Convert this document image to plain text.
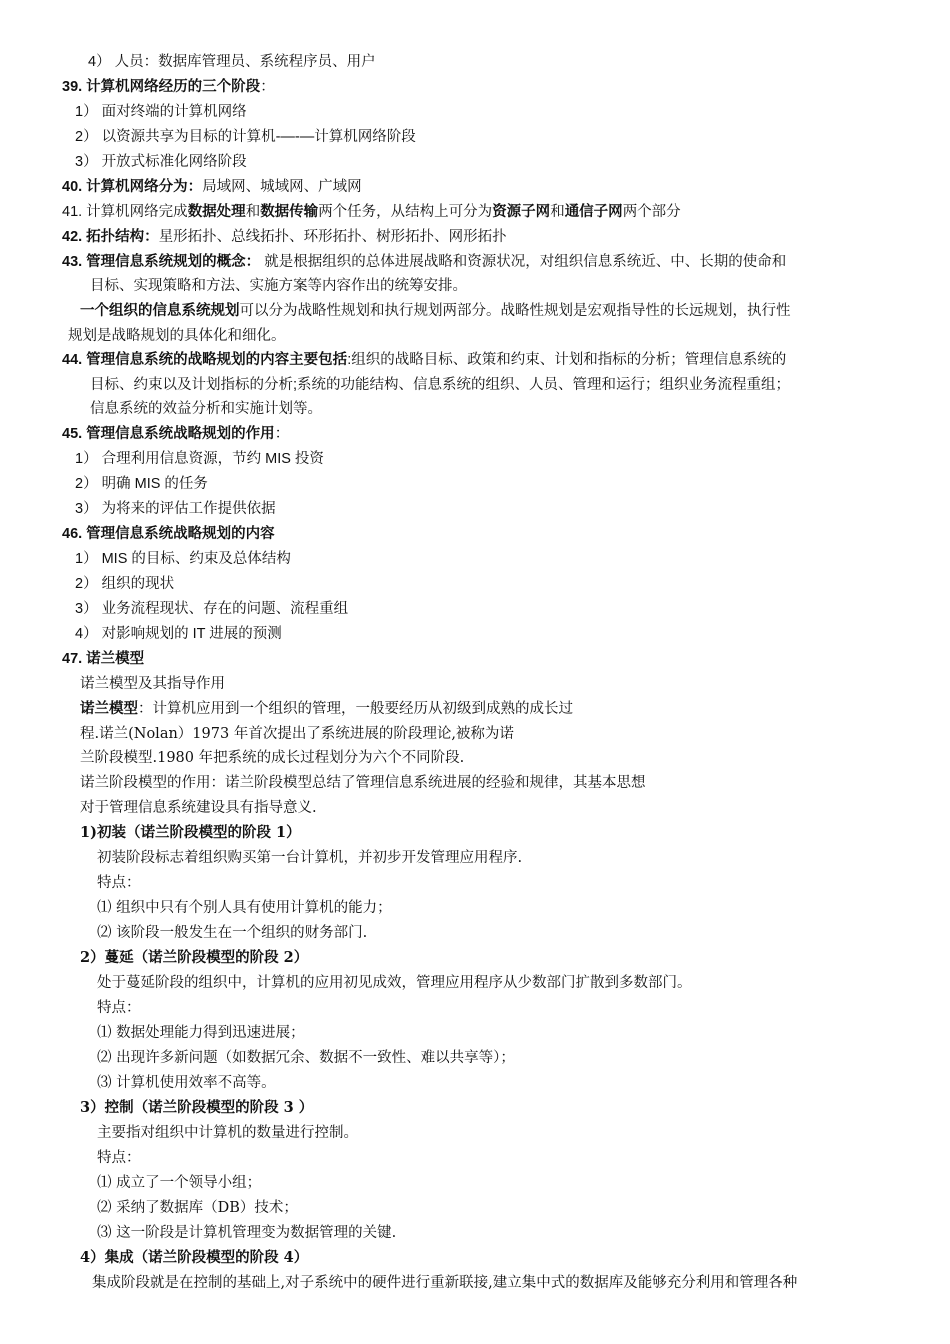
4） 人员：数据库管理员、系统程序员、用户
39. 计算机网络经历的三个阶段：
1） 面对终端的计算机网络
2） 以资源共享为目标的计算机-—-—计算机网络阶段
3） 开放式标准化网络阶段
40. 计算机网络分为：局域网、城域网、广域网
41. 计算机网络完成数据处理和数据传输两个任务，从结构上可分为资源子网和通信子网两个部分
42. 拓扑结构：星形拓扑、总线拓扑、环形拓扑、树形拓扑、网形拓扑
43. 管理信息系统规划的概念： 就是根据组织的总体进展战略和资源状况，对组织信息系统近、中、长期的使命和
目标、实现策略和方法、实施方案等内容作出的统筹安排。
一个组织的信息系统规划可以分为战略性规划和执行规划两部分。战略性规划是宏观指导性的长远规划，执行性
规划是战略规划的具体化和细化。
44. 管理信息系统的战略规划的内容主要包括:组织的战略目标、政策和约束、计划和指标的分析；管理信息系统的
目标、约束以及计划指标的分析;系统的功能结构、信息系统的组织、人员、管理和运行；组织业务流程重组；
信息系统的效益分析和实施计划等。
45. 管理信息系统战略规划的作用：
1） 合理利用信息资源，节约 MIS 投资
2） 明确 MIS 的任务
3） 为将来的评估工作提供依据
46. 管理信息系统战略规划的内容
1） MIS 的目标、约束及总体结构
2） 组织的现状
3） 业务流程现状、存在的问题、流程重组
4） 对影响规划的 IT 进展的预测
47. 诺兰模型
诺兰模型及其指导作用
诺兰模型：计算机应用到一个组织的管理，一般要经历从初级到成熟的成长过
程.诺兰(Nolan）1973 年首次提出了系统进展的阶段理论,被称为诺
兰阶段模型.1980 年把系统的成长过程划分为六个不同阶段.
诺兰阶段模型的作用：诺兰阶段模型总结了管理信息系统进展的经验和规律，其基本思想
对于管理信息系统建设具有指导意义.
1)初装（诺兰阶段模型的阶段 1）
初装阶段标志着组织购买第一台计算机，并初步开发管理应用程序.
特点：
⑴ 组织中只有个别人具有使用计算机的能力；
⑵ 该阶段一般发生在一个组织的财务部门.
2）蔓延（诺兰阶段模型的阶段 2）
处于蔓延阶段的组织中，计算机的应用初见成效，管理应用程序从少数部门扩散到多数部门。
特点：
⑴ 数据处理能力得到迅速进展；
⑵ 出现许多新问题（如数据冗余、数据不一致性、难以共享等）；
⑶ 计算机使用效率不高等。
3）控制（诺兰阶段模型的阶段 3 ）
主要指对组织中计算机的数量进行控制。
特点：
⑴ 成立了一个领导小组；
⑵ 采纳了数据库（DB）技术；
⑶ 这一阶段是计算机管理变为数据管理的关键.
4）集成（诺兰阶段模型的阶段 4）
集成阶段就是在控制的基础上,对子系统中的硬件进行重新联接,建立集中式的数据库及能够充分利用和管理各种
